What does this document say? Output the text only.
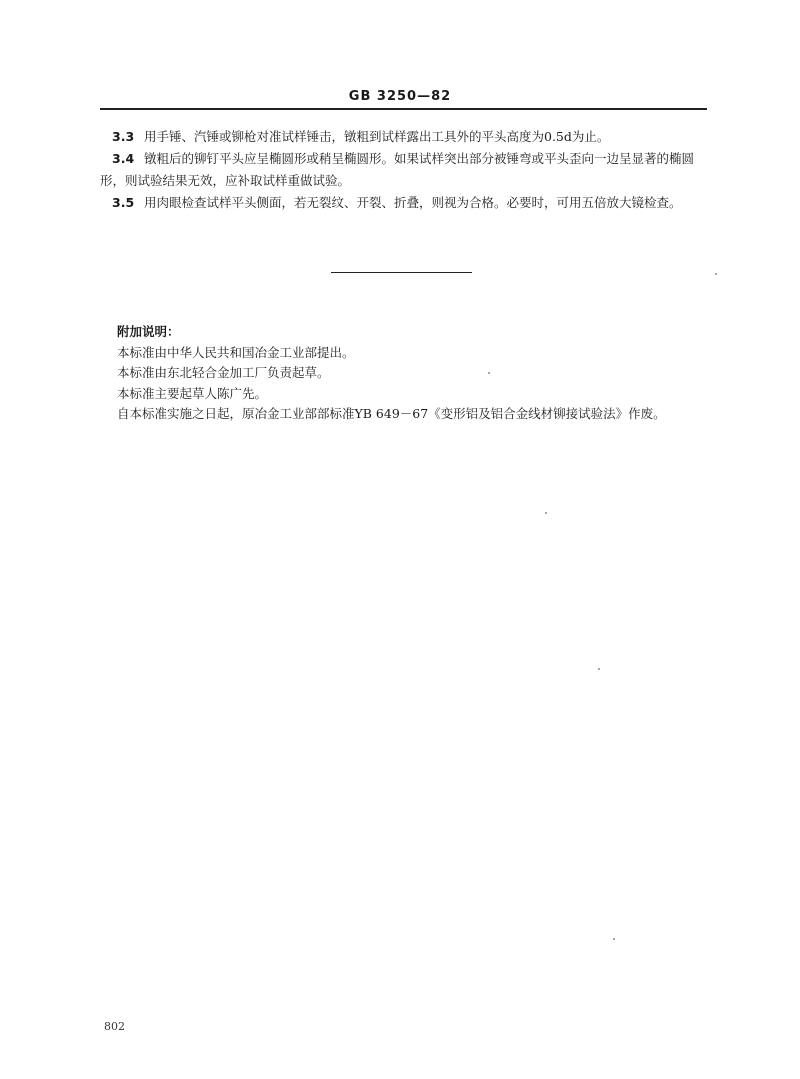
GB 3250—82

3.3 用手锤、汽锤或铆枪对准试样锤击，镦粗到试样露出工具外的平头高度为0.5d为止。

3.4 镦粗后的铆钉平头应呈椭圆形或稍呈椭圆形。如果试样突出部分被锤弯或平头歪向一边呈显著的椭圆形，则试验结果无效，应补取试样重做试验。

3.5 用肉眼检查试样平头侧面，若无裂纹、开裂、折叠，则视为合格。必要时，可用五倍放大镜检查。

附加说明：

本标准由中华人民共和国冶金工业部提出。

本标准由东北轻合金加工厂负责起草。

本标准主要起草人陈广先。

自本标准实施之日起，原冶金工业部部标准YB 649－67《变形铝及铝合金线材铆接试验法》作废。

802
